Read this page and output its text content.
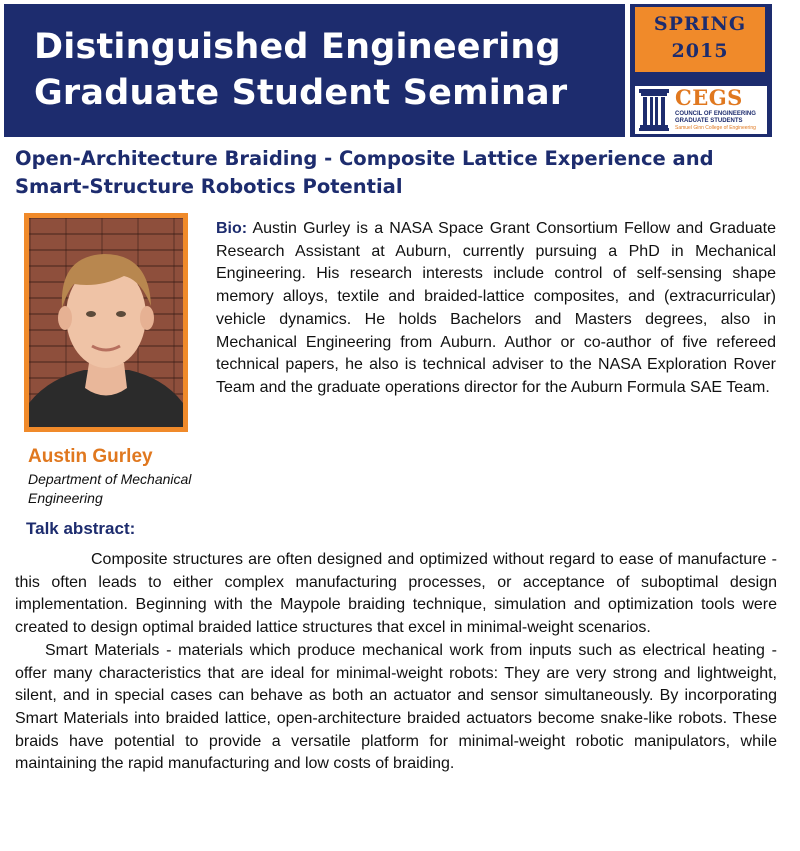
Distinguished Engineering
Graduate Student Seminar
SPRING
2015
CEGS
COUNCIL OF ENGINEERING
GRADUATE STUDENTS
Samuel Ginn College of Engineering
Open-Architecture Braiding - Composite Lattice Experience and Smart-Structure Robotics Potential
Austin Gurley
Department of Mechanical Engineering
Bio: Austin Gurley is a NASA Space Grant Consortium Fellow and Graduate Research Assistant at Auburn, currently pursuing a PhD in Mechanical Engineering. His research interests include control of self-sensing shape memory alloys, textile and braided-lattice composites, and (extracurricular) vehicle dynamics. He holds Bachelors and Masters degrees, also in Mechanical Engineering from Auburn. Author or co-author of five refereed technical papers, he also is technical adviser to the NASA Exploration Rover Team and the graduate operations director for the Auburn Formula SAE Team.
Talk abstract:

Composite structures are often designed and optimized without regard to ease of manufacture - this often leads to either complex manufacturing processes, or acceptance of suboptimal design implementation. Beginning with the Maypole braiding technique, simulation and optimization tools were created to design optimal braided lattice structures that excel in minimal-weight scenarios.

Smart Materials - materials which produce mechanical work from inputs such as electrical heating - offer many characteristics that are ideal for minimal-weight robots: They are very strong and lightweight, silent, and in special cases can behave as both an actuator and sensor simultaneously. By incorporating Smart Materials into braided lattice, open-architecture braided actuators become snake-like robots. These braids have potential to provide a versatile platform for minimal-weight robotic manipulators, while maintaining the rapid manufacturing and low costs of braiding.
